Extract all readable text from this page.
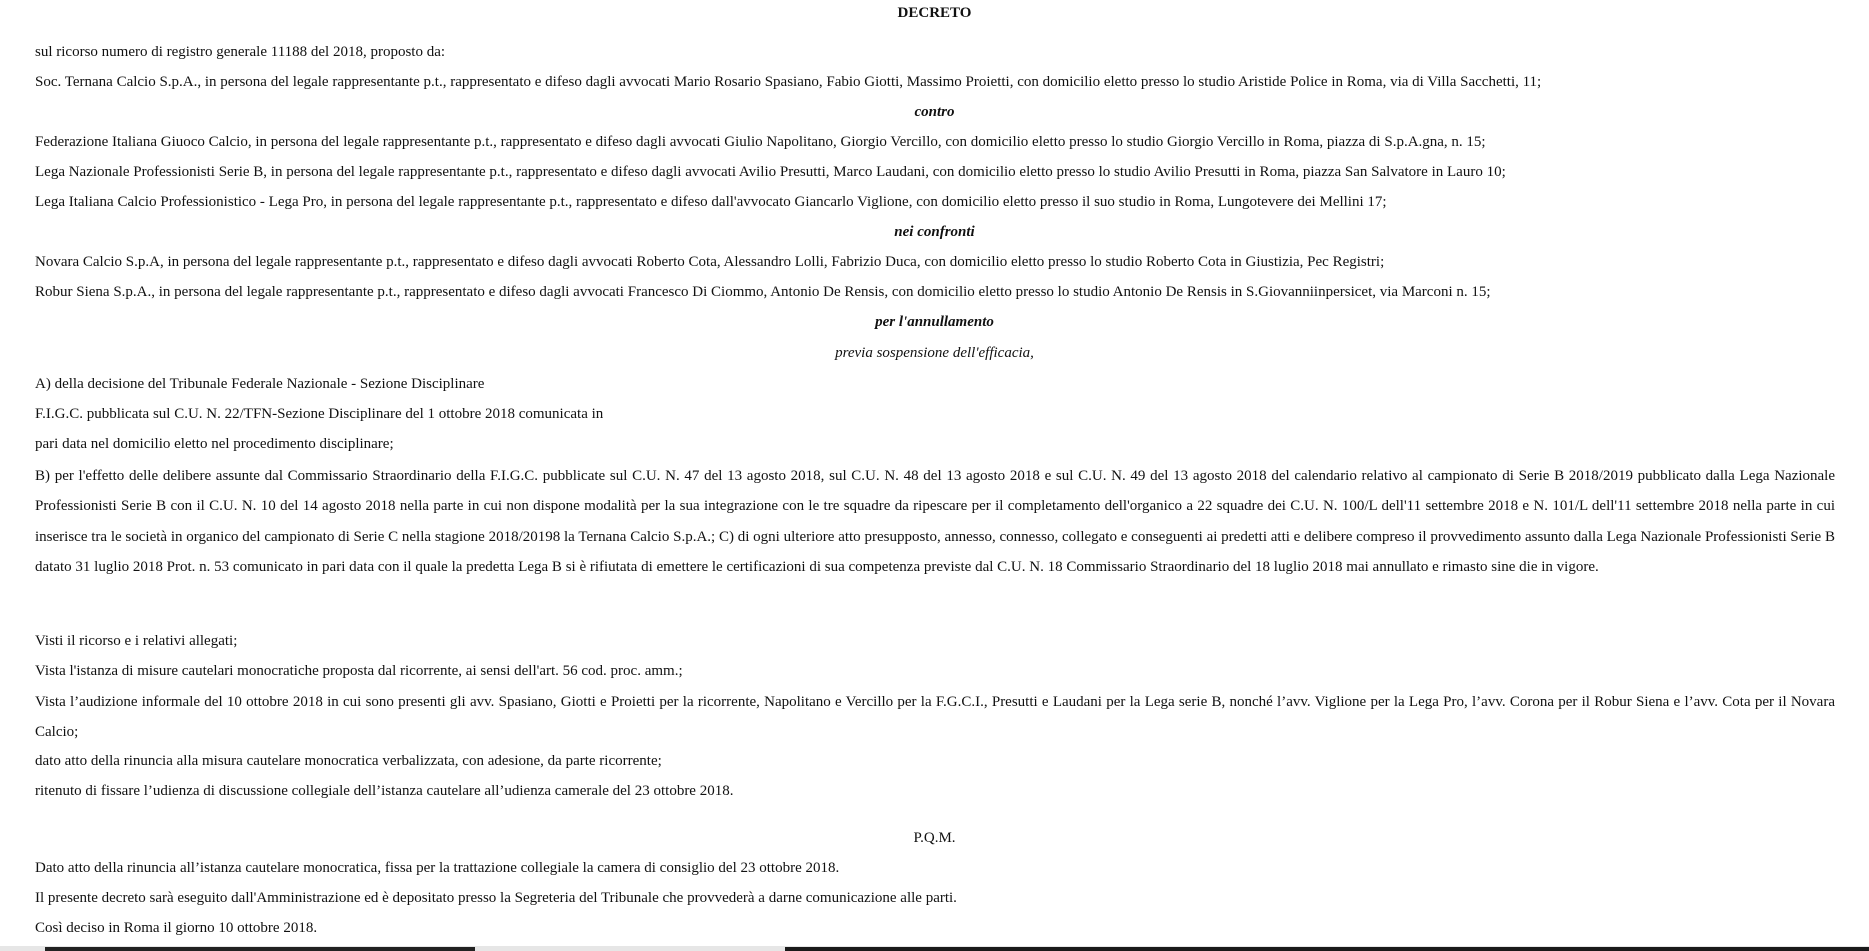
DECRETO
sul ricorso numero di registro generale 11188 del 2018, proposto da:
Soc. Ternana Calcio S.p.A., in persona del legale rappresentante p.t., rappresentato e difeso dagli avvocati Mario Rosario Spasiano, Fabio Giotti, Massimo Proietti, con domicilio eletto presso lo studio Aristide Police in Roma, via di Villa Sacchetti, 11;
contro
Federazione Italiana Giuoco Calcio, in persona del legale rappresentante p.t., rappresentato e difeso dagli avvocati Giulio Napolitano, Giorgio Vercillo, con domicilio eletto presso lo studio Giorgio Vercillo in Roma, piazza di S.p.A.gna, n. 15;
Lega Nazionale Professionisti Serie B, in persona del legale rappresentante p.t., rappresentato e difeso dagli avvocati Avilio Presutti, Marco Laudani, con domicilio eletto presso lo studio Avilio Presutti in Roma, piazza San Salvatore in Lauro 10;
Lega Italiana Calcio Professionistico - Lega Pro, in persona del legale rappresentante p.t., rappresentato e difeso dall'avvocato Giancarlo Viglione, con domicilio eletto presso il suo studio in Roma, Lungotevere dei Mellini 17;
nei confronti
Novara Calcio S.p.A, in persona del legale rappresentante p.t., rappresentato e difeso dagli avvocati Roberto Cota, Alessandro Lolli, Fabrizio Duca, con domicilio eletto presso lo studio Roberto Cota in Giustizia, Pec Registri;
Robur Siena S.p.A., in persona del legale rappresentante p.t., rappresentato e difeso dagli avvocati Francesco Di Ciommo, Antonio De Rensis, con domicilio eletto presso lo studio Antonio De Rensis in S.Giovanniinpersicet, via Marconi n. 15;
per l'annullamento
previa sospensione dell'efficacia,
A) della decisione del Tribunale Federale Nazionale - Sezione Disciplinare
F.I.G.C. pubblicata sul C.U. N. 22/TFN-Sezione Disciplinare del 1 ottobre 2018 comunicata in
pari data nel domicilio eletto nel procedimento disciplinare;
B) per l'effetto delle delibere assunte dal Commissario Straordinario della F.I.G.C. pubblicate sul C.U. N. 47 del 13 agosto 2018, sul C.U. N. 48 del 13 agosto 2018 e sul C.U. N. 49 del 13 agosto 2018 del calendario relativo al campionato di Serie B 2018/2019 pubblicato dalla Lega Nazionale Professionisti Serie B con il C.U. N. 10 del 14 agosto 2018 nella parte in cui non dispone modalità per la sua integrazione con le tre squadre da ripescare per il completamento dell'organico a 22 squadre dei C.U. N. 100/L dell'11 settembre 2018 e N. 101/L dell'11 settembre 2018 nella parte in cui inserisce tra le società in organico del campionato di Serie C nella stagione 2018/20198 la Ternana Calcio S.p.A.; C) di ogni ulteriore atto presupposto, annesso, connesso, collegato e conseguenti ai predetti atti e delibere compreso il provvedimento assunto dalla Lega Nazionale Professionisti Serie B datato 31 luglio 2018 Prot. n. 53 comunicato in pari data con il quale la predetta Lega B si è rifiutata di emettere le certificazioni di sua competenza previste dal C.U. N. 18 Commissario Straordinario del 18 luglio 2018 mai annullato e rimasto sine die in vigore.
Visti il ricorso e i relativi allegati;
Vista l'istanza di misure cautelari monocratiche proposta dal ricorrente, ai sensi dell'art. 56 cod. proc. amm.;
Vista l’audizione informale del 10 ottobre 2018 in cui sono presenti gli avv. Spasiano, Giotti e Proietti per la ricorrente, Napolitano e Vercillo per la F.G.C.I., Presutti e Laudani per la Lega serie B, nonché l’avv. Viglione per la Lega Pro, l’avv. Corona per il Robur Siena e l’avv. Cota per il Novara Calcio;
dato atto della rinuncia alla misura cautelare monocratica verbalizzata, con adesione, da parte ricorrente;
ritenuto di fissare l’udienza di discussione collegiale dell’istanza cautelare all’udienza camerale del 23 ottobre 2018.
P.Q.M.
Dato atto della rinuncia all’istanza cautelare monocratica, fissa per la trattazione collegiale la camera di consiglio del 23 ottobre 2018.
Il presente decreto sarà eseguito dall'Amministrazione ed è depositato presso la Segreteria del Tribunale che provvederà a darne comunicazione alle parti.
Così deciso in Roma il giorno 10 ottobre 2018.
